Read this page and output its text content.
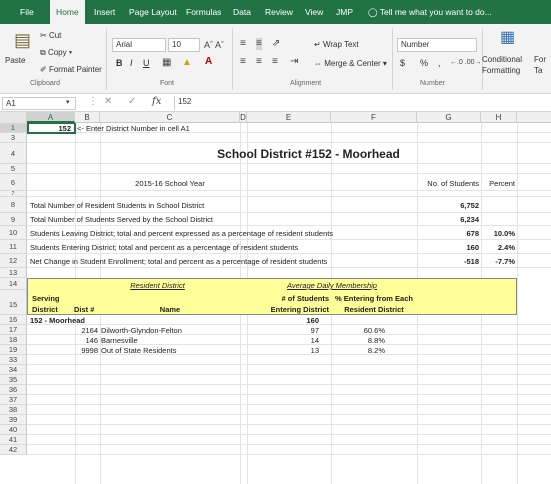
File	Home	Insert	Page Layout	Formulas	Data	Review	View	JMP	◯ Tell me what you want to do...
▤
Paste
✂ Cut
⧉ Copy ▾
✐ Format Painter
Clipboard
Arial	10	Aˆ Aˇ
B I U ▦ ▲ A
Font
≡ ≡ ⇗
≡ ≡ ≡ ⇥
↵ Wrap Text
⇔ Merge & Center ▾
Alignment
Number
$ % , ←.0 .00→
Number
▦
Conditional
Formatting
For
Ta
A1	▾ ⋮ ✕ ✓ fx	152
A	B	C	D	E	F	G	H
1
3
4
5
6
7
8
9
10
11
12
13
14
15
16
17
18
19
33
34
35
36
37
38
39
40
41
42
152 <- Enter District Number in cell A1
School District #152 - Moorhead
2015-16 School Year	No. of Students	Percent
Total Number of Resident Students in School District	6,752
Total Number of Students Served by the School District	6,234
Students Leaving District; total and percent expressed as a percentage of resident students	678	10.0%
Students Entering District; total and percent as a percentage of resident students	160	2.4%
Net Change in Student Enrollment; total and percent as a percentage of resident students	-518	-7.7%
Resident District	Average Daily Membership
Serving
District Dist #	Name
# of Students
Entering District
% Entering from Each
Resident District
152 - Moorhead	160
2164 Dilworth-Glyndon-Felton	97	60.6%
146 Barnesville	14	8.8%
9998 Out of State Residents	13	8.2%
